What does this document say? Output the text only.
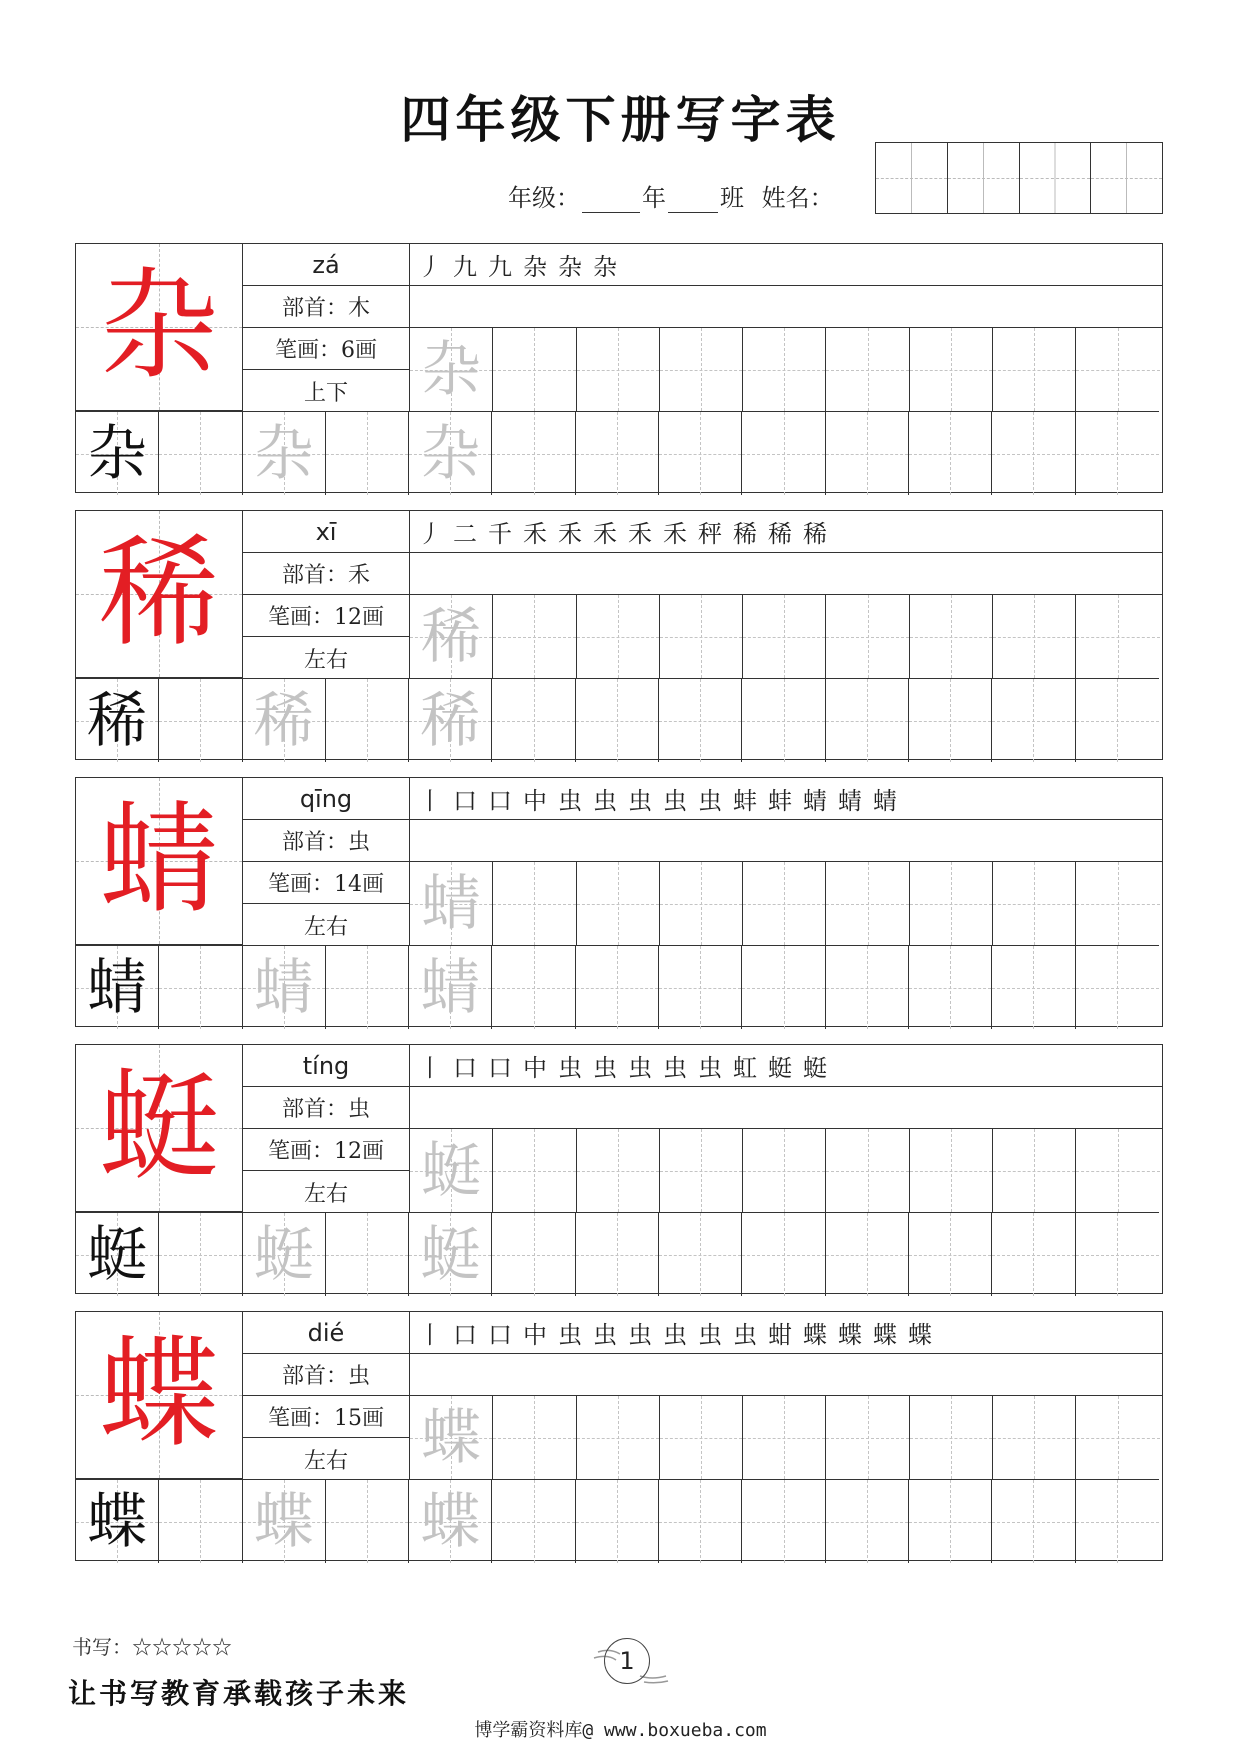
四年级下册写字表
年级：	年 班 姓名：
杂	zá
部首：木
笔画：6画
上下
丿 九 九 杂 杂 杂
杂
杂 杂 杂
稀	xī
部首：禾
笔画：12画
左右
丿 二 千 禾 禾 禾 禾 禾 秤 稀 稀 稀
稀
稀 稀 稀
蜻	qīng
部首：虫
笔画：14画
左右
丨 口 口 中 虫 虫 虫 虫 虫 蚌 蚌 蜻 蜻 蜻
蜻
蜻 蜻 蜻
蜓	tíng
部首：虫
笔画：12画
左右
丨 口 口 中 虫 虫 虫 虫 虫 虹 蜓 蜓
蜓
蜓 蜓 蜓
蝶	dié
部首：虫
笔画：15画
左右
丨 口 口 中 虫 虫 虫 虫 虫 虫 蚶 蝶 蝶 蝶 蝶
蝶
蝶 蝶 蝶
书写：☆☆☆☆☆
让书写教育承载孩子未来
1
博学霸资料库@ www.boxueba.com
